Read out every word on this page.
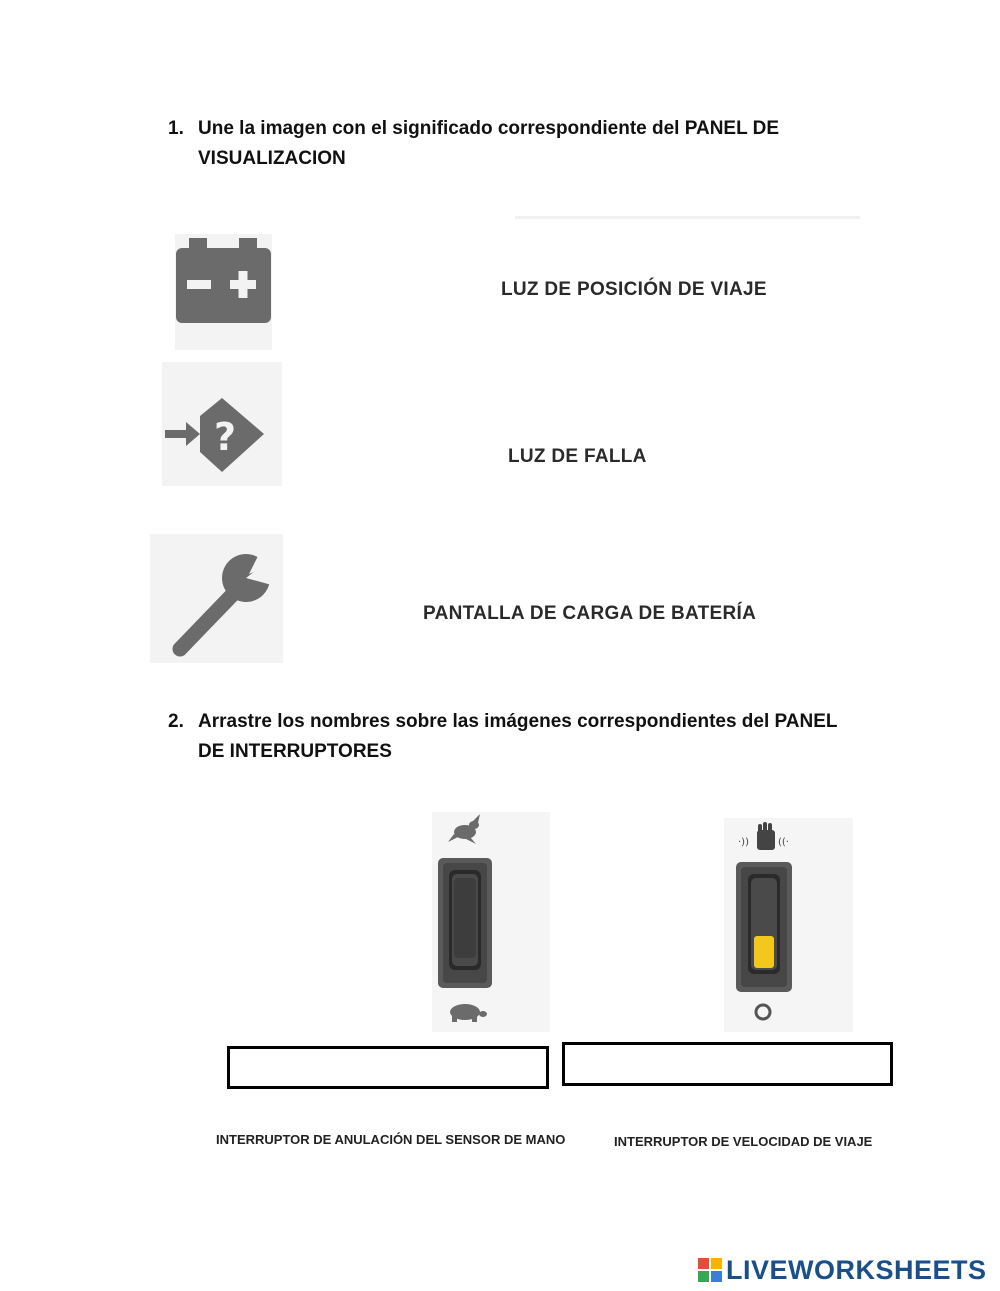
1. Une la imagen con el significado correspondiente del PANEL DE VISUALIZACION
?
LUZ DE POSICIÓN DE VIAJE
LUZ DE FALLA
PANTALLA DE CARGA DE BATERÍA
2. Arrastre los nombres sobre las imágenes correspondientes del PANEL DE INTERRUPTORES
·))	((·
INTERRUPTOR DE ANULACIÓN DEL SENSOR DE MANO	INTERRUPTOR DE VELOCIDAD DE VIAJE
LIVEWORKSHEETS
